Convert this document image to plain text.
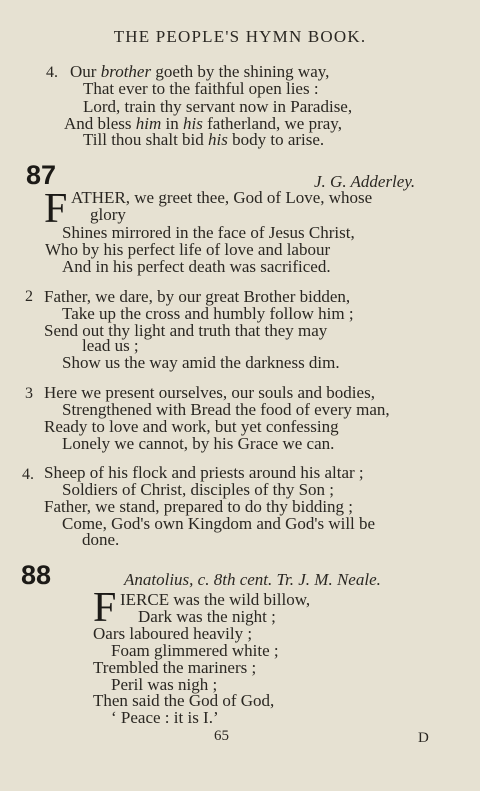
THE PEOPLE'S HYMN BOOK.
4. Our brother goeth by the shining way,
That ever to the faithful open lies :
Lord, train thy servant now in Paradise,
And bless him in his fatherland, we pray,
Till thou shalt bid his body to arise.
87	J. G. Adderley.
F ATHER, we greet thee, God of Love, whose
glory
Shines mirrored in the face of Jesus Christ,
Who by his perfect life of love and labour
And in his perfect death was sacrificed.
2 Father, we dare, by our great Brother bidden,
Take up the cross and humbly follow him ;
Send out thy light and truth that they may
lead us ;
Show us the way amid the darkness dim.
3 Here we present ourselves, our souls and bodies,
Strengthened with Bread the food of every man,
Ready to love and work, but yet confessing
Lonely we cannot, by his Grace we can.
4. Sheep of his flock and priests around his altar ;
Soldiers of Christ, disciples of thy Son ;
Father, we stand, prepared to do thy bidding ;
Come, God's own Kingdom and God's will be
done.
88	Anatolius, c. 8th cent. Tr. J. M. Neale.
F IERCE was the wild billow,
Dark was the night ;
Oars laboured heavily ;
Foam glimmered white ;
Trembled the mariners ;
Peril was nigh ;
Then said the God of God,
‘ Peace : it is I.’
65	D
